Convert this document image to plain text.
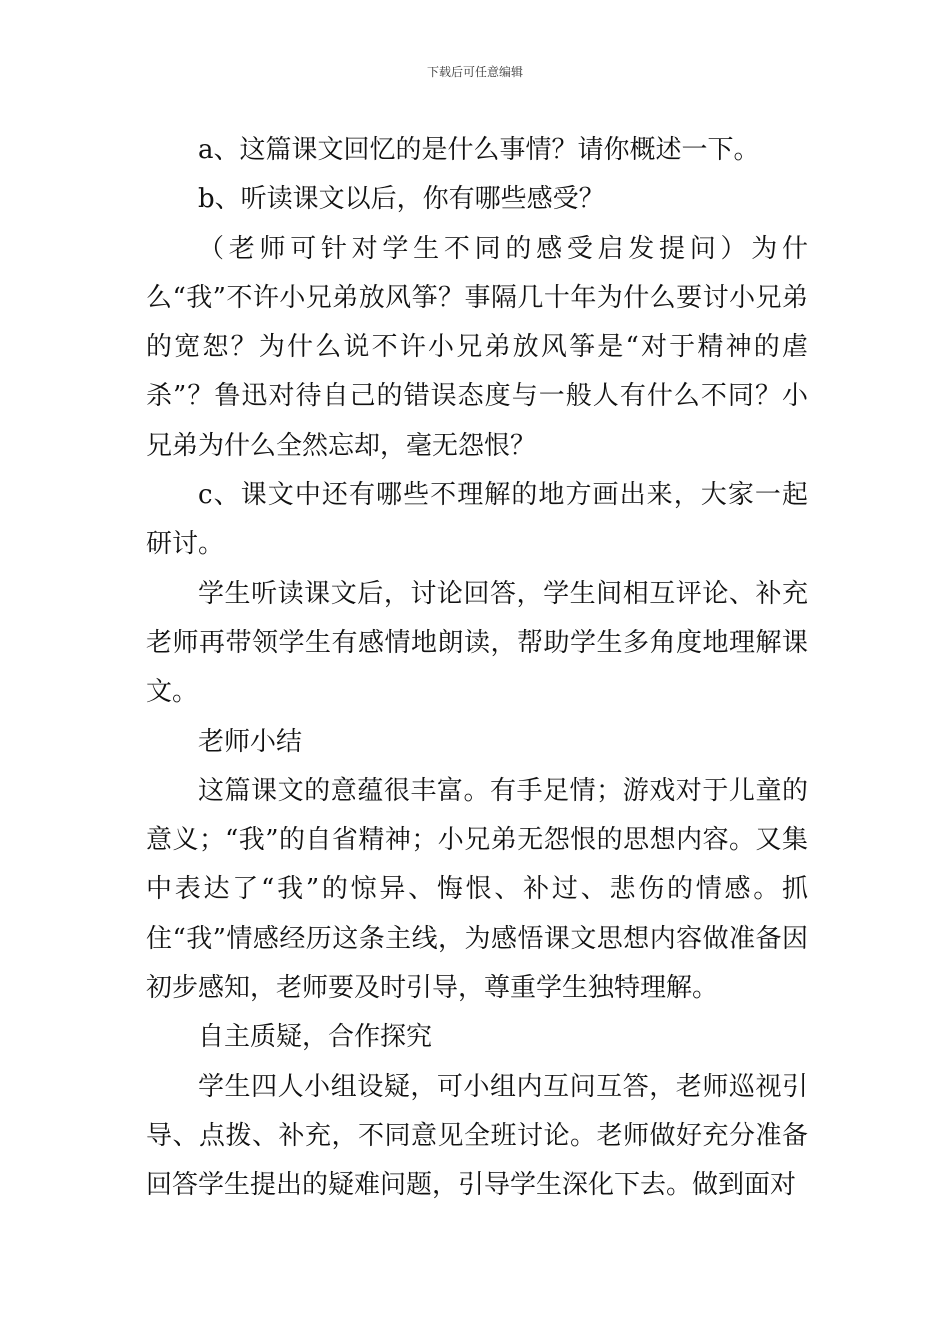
下载后可任意编辑

a、这篇课文回忆的是什么事情？请你概述一下。

b、听读课文以后，你有哪些感受？

（老师可针对学生不同的感受启发提问）为什么“我”不许小兄弟放风筝？事隔几十年为什么要讨小兄弟的宽恕？为什么说不许小兄弟放风筝是“对于精神的虐杀”？鲁迅对待自己的错误态度与一般人有什么不同？小兄弟为什么全然忘却，毫无怨恨？

c、课文中还有哪些不理解的地方画出来，大家一起研讨。

学生听读课文后，讨论回答，学生间相互评论、补充老师再带领学生有感情地朗读，帮助学生多角度地理解课文。

老师小结

这篇课文的意蕴很丰富。有手足情；游戏对于儿童的意义；“我”的自省精神；小兄弟无怨恨的思想内容。又集中表达了“我”的惊异、悔恨、补过、悲伤的情感。抓住“我”情感经历这条主线，为感悟课文思想内容做准备因初步感知，老师要及时引导，尊重学生独特理解。

自主质疑，合作探究

学生四人小组设疑，可小组内互问互答，老师巡视引导、点拨、补充，不同意见全班讨论。老师做好充分准备回答学生提出的疑难问题，引导学生深化下去。做到面对
